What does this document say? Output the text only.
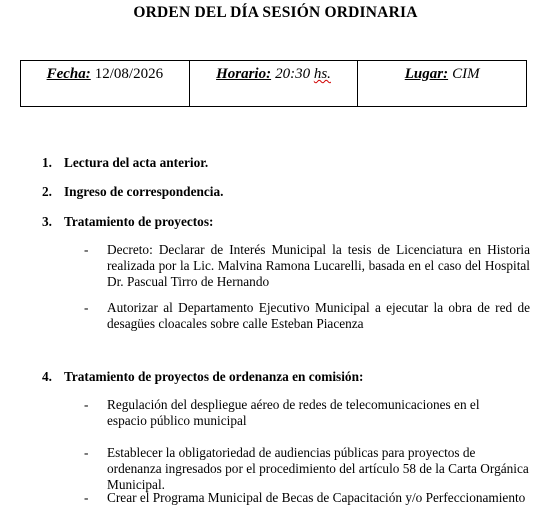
ORDEN DEL DÍA SESIÓN ORDINARIA
Fecha: 12/08/2026	Horario: 20:30
hs.	Lugar: CIM
1. Lectura del acta anterior.
2. Ingreso de correspondencia.
3. Tratamiento de proyectos:
- Decreto: Declarar de Interés Municipal la tesis de Licenciatura en Historia realizada por la Lic. Malvina Ramona Lucarelli, basada en el caso del Hospital Dr. Pascual Tirro de Hernando
- Autorizar al Departamento Ejecutivo Municipal a ejecutar la obra de red de desagües cloacales sobre calle Esteban Piacenza
4. Tratamiento de proyectos de ordenanza en comisión:
- Regulación del despliegue aéreo de redes de telecomunicaciones en el espacio público municipal
- Establecer la obligatoriedad de audiencias públicas para proyectos de ordenanza ingresados por el procedimiento del artículo 58 de la Carta Orgánica Municipal.
- Crear el Programa Municipal de Becas de Capacitación y/o Perfeccionamiento
